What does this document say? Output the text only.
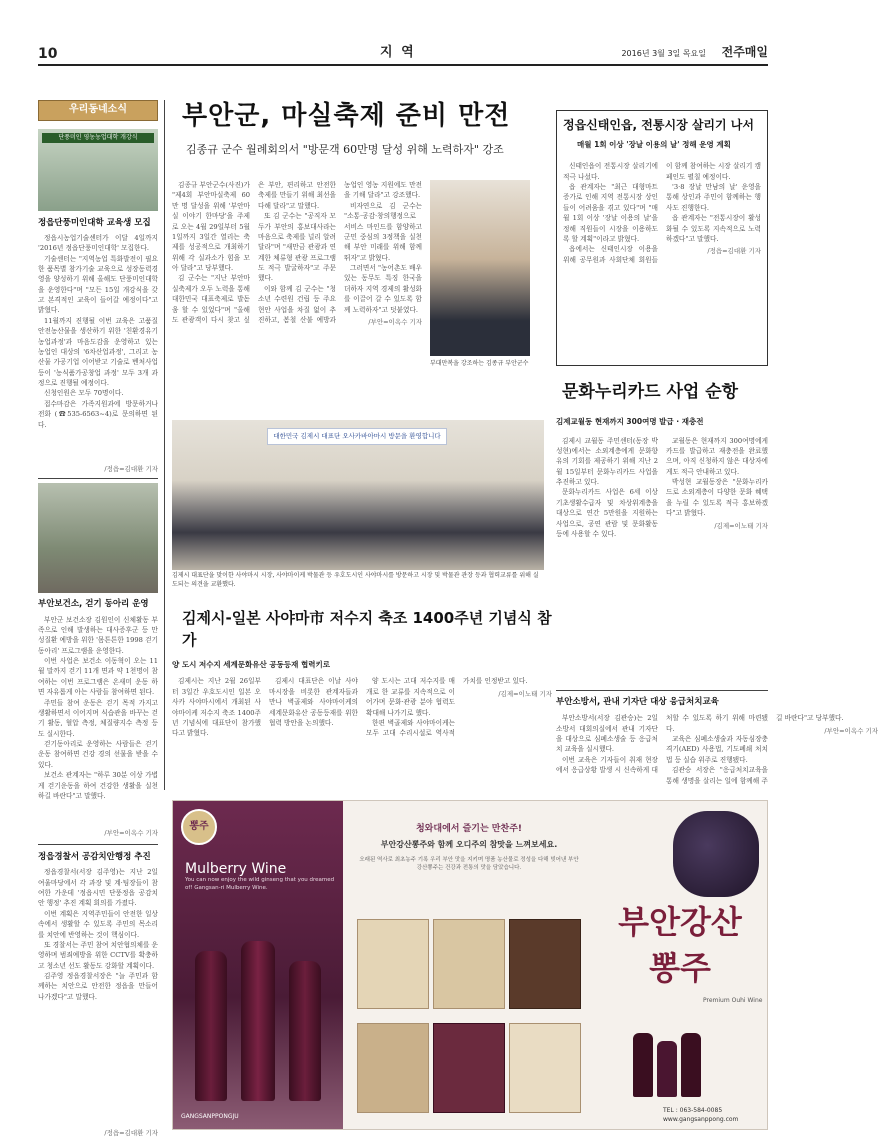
10	지 역	2016년 3월 3일 목요일 전주매일
우리동네소식
단풍미인 영농농업대학 개강식
정읍단풍미인대학 교육생 모집

정읍시농업기술센터가 이달 4일까지 '2016년 정읍단풍미인대학' 모집한다.

기술센터는 "지역농업 특화발전이 필요한 품목별 참가기술 교육으로 성장동력경영을 양성하기 위해 올해도 단풍미인대학을 운영한다"며 "모든 15일 개강식을 갖고 본격적인 교육이 들어갈 예정이다"고 밝혔다.

11월까지 진행될 이번 교육은 고품질 안전농산물을 생산하기 위한 '친환경유기농업과정'과 마음도감을 운영하고 있는 농업인 대상의 '6차산업과정', 그리고 농산물 가공기업 이어받고 기술로 벤처사업 등이 '농식품가공창업 과정' 모두 3개 과정으로 진행될 예정이다.

신청인원은 모두 70명이다.

접수마감은 가족지원과에 방문하거나 전화 (☎535-6563~4)로 문의하면 된다.

/정읍=김대환 기자
부안보건소, 걷기 동아리 운영

부안군 보건소장 김원인이 신체활동 부족으로 인해 발생하는 대사증후군 등 만성질환 예방을 위한 '몸튼튼한 1998 걷기동아리' 프로그램을 운영한다.

이번 사업은 보건소 이동혁이 오는 11월 말까지 걷기 11개 면과 약 1천명이 참여하는 이번 프로그램은 온새미 운동 하면 자유롭게 아는 사람들 참여하면 된다.

주민들 참여 운동은 걷기 목적 가지고 생활하면서 이어지며 식습관을 바꾸는 걷기 활동, 혈압 측정, 체질량지수 측정 등도 실시한다.

걷기동아리로 운영하는 사람들은 걷기 운동 참여하면 건강 경의 선물을 받을 수 있다.

보건소 관계자는 "하루 30분 이상 가볍게 걷기운동을 하여 건강한 생활을 실천하길 바란다"고 말했다.

/부안=이옥수 기자
정읍경찰서 공감치안행정 추진

정읍경찰서(서장 김주영)는 지난 2일 여울마당에서 각 과장 및 계·팀장들이 참여한 가운데 '정읍시민 단풍정읍 공감치안 행정' 추진 계획 회의를 가졌다.

이번 계획은 지역주민들이 안전한 일상 속에서 생활할 수 있도록 주민의 목소리를 치안에 반영하는 것이 핵심이다.

또 경찰서는 주민 참여 치안협의체를 운영하며 범죄예방을 위한 CCTV를 확충하고 청소년 선도 활동도 강화할 계획이다.

김주영 정읍경찰서장은 "늘 주민과 함께하는 치안으로 안전한 정읍을 만들어 나가겠다"고 말했다.

/정읍=김대환 기자
부안군, 마실축제 준비 만전
김종규 군수 월례회의서 "방문객 60만명 달성 위해 노력하자" 강조

김종규 부안군수(사진)가 "제4회 부안마실축제 60만 명 달성을 위해 '부안마실 이야기 한마당'을 주제로 오는 4월 29일부터 5월 1일까지 3일간 열리는 축제를 성공적으로 개최하기 위해 각 실과소가 힘을 모아 달라"고 당부했다.

김 군수는 "지난 부안마실축제가 오두 노력을 통해 대한민국 대표축제로 발돋움 할 수 있었다"며 "올해도 관광객이 다시 찾고 싶은 부안, 편리하고 안전한 축제를 만들기 위해 최선을 다해 달라"고 말했다.

또 김 군수는 "공직자 모두가 부안의 홍보대사라는 마음으로 축제를 널리 알려달라"며 "새만금 관광과 연계한 체류형 관광 프로그램도 적극 발굴하자"고 주문했다.

이와 함께 김 군수는 "청소년 수련원 건립 등 주요 현안 사업을 차질 없이 추진하고, 봄철 산불 예방과 농업인 영농 지원에도 만전을 기해 달라"고 강조했다.

비자연으로 김 군수는 "소통·공감·창의행정으로 서비스 마인드를 함양하고 군민 중심의 3정책을 실천해 부안 미래를 위해 함께 뛰자"고 밝혔다.

그러면서 "농어촌도 배우 있는 동무도 특징 한국을 더하자 지역 경제의 활성화를 이끌어 갈 수 있도록 함께 노력하자"고 덧붙였다.

/부안=이옥수 기자
부대만복을 강조하는 김종규 부안군수
정읍신태인읍, 전통시장 살리기 나서
매월 1회 이상 '장날 이용의 날' 정해 운영 계획

신태인읍이 전통시장 살리기에 적극 나섰다.

읍 관계자는 "최근 대형마트 증가로 인해 지역 전통시장 상인들이 어려움을 겪고 있다"며 "매월 1회 이상 '장날 이용의 날'을 정해 직원들이 시장을 이용하도록 할 계획"이라고 밝혔다.

읍에서는 신태인시장 이용을 위해 공무원과 사회단체 회원들이 함께 참여하는 시장 살리기 캠페인도 펼칠 예정이다.

'3·8 장날 만남의 날' 운영을 통해 상인과 주민이 함께하는 행사도 진행한다.

읍 관계자는 "전통시장이 활성화될 수 있도록 지속적으로 노력하겠다"고 말했다.

/정읍=김대환 기자
대한민국 김제시 대표단 오사카바아마시 방문을 환영합니다
김제시 대표단을 맞이한 사야마시 시장, 사야마이케 박물관 등 우호도시인 사야마시를 방문하고 시장 및 박물관 관장 등과 협력교류를 위해 실도되는 의견을 교환했다.
문화누리카드 사업 순항
김제교월동 현재까지 300여명 발급 · 재충전

김제시 교월동 주민센터(동장 박성현)에서는 소외계층에게 문화향유의 기회를 제공하기 위해 지난 2월 15일부터 문화누리카드 사업을 추진하고 있다.

문화누리카드 사업은 6세 이상 기초생활수급자 및 차상위계층을 대상으로 연간 5만원을 지원하는 사업으로, 공연 관람 및 문화활동 등에 사용할 수 있다.

교월동은 현재까지 300여명에게 카드를 발급하고 재충전을 완료했으며, 아직 신청하지 않은 대상자에게도 적극 안내하고 있다.

박성현 교월동장은 "문화누리카드로 소외계층이 다양한 문화 혜택을 누릴 수 있도록 적극 홍보하겠다"고 밝혔다.

/김제=이노태 기자
김제시-일본 사야마市 저수지 축조 1400주년 기념식 참가
양 도시 저수지 세계문화유산 공동등재 협력키로

김제시는 지난 2월 26일부터 3일간 우호도시인 일본 오사카 사야마시에서 개최된 사야마이케 저수지 축조 1400주년 기념식에 대표단이 참가했다고 밝혔다.

김제시 대표단은 이날 사야마시장을 비롯한 관계자들과 만나 벽골제와 사야마이케의 세계문화유산 공동등재를 위한 협력 방안을 논의했다.

양 도시는 고대 저수지를 매개로 한 교류를 지속적으로 이어가며 문화·관광 분야 협력도 확대해 나가기로 했다.

한편 벽골제와 사야마이케는 모두 고대 수리시설로 역사적 가치를 인정받고 있다.

/김제=이노태 기자
부안소방서, 관내 기자단 대상 응급처치교육

부안소방서(서장 김관승)는 2일 소방서 대회의실에서 관내 기자단을 대상으로 심폐소생술 등 응급처치 교육을 실시했다.

이번 교육은 기자들이 취재 현장에서 응급상황 발생 시 신속하게 대처할 수 있도록 하기 위해 마련됐다.

교육은 심폐소생술과 자동심장충격기(AED) 사용법, 기도폐쇄 처치법 등 실습 위주로 진행됐다.

김관승 서장은 "응급처치교육을 통해 생명을 살리는 일에 함께해 주길 바란다"고 당부했다.

/부안=이옥수 기자
뽕주
Mulberry Wine
You can now enjoy the wild ginseng that you dreamed of! Gangsan-ri Mulberry Wine.
GANGSANPPONGJU
청와대에서 즐기는 만찬주!
부안강산뽕주와 함께 오디주의 참맛을 느껴보세요.
오래된 역사로 최초농주 기록 우리 부안 맛을 지키며 명품 농산물로 정성을 다해 빚어낸 부안강산뽕주는 건강과 전통의 맛을 담았습니다.
부안강산 뽕주
Premium Ouhi Wine
TEL : 063-584-0085
www.gangsanppong.com
